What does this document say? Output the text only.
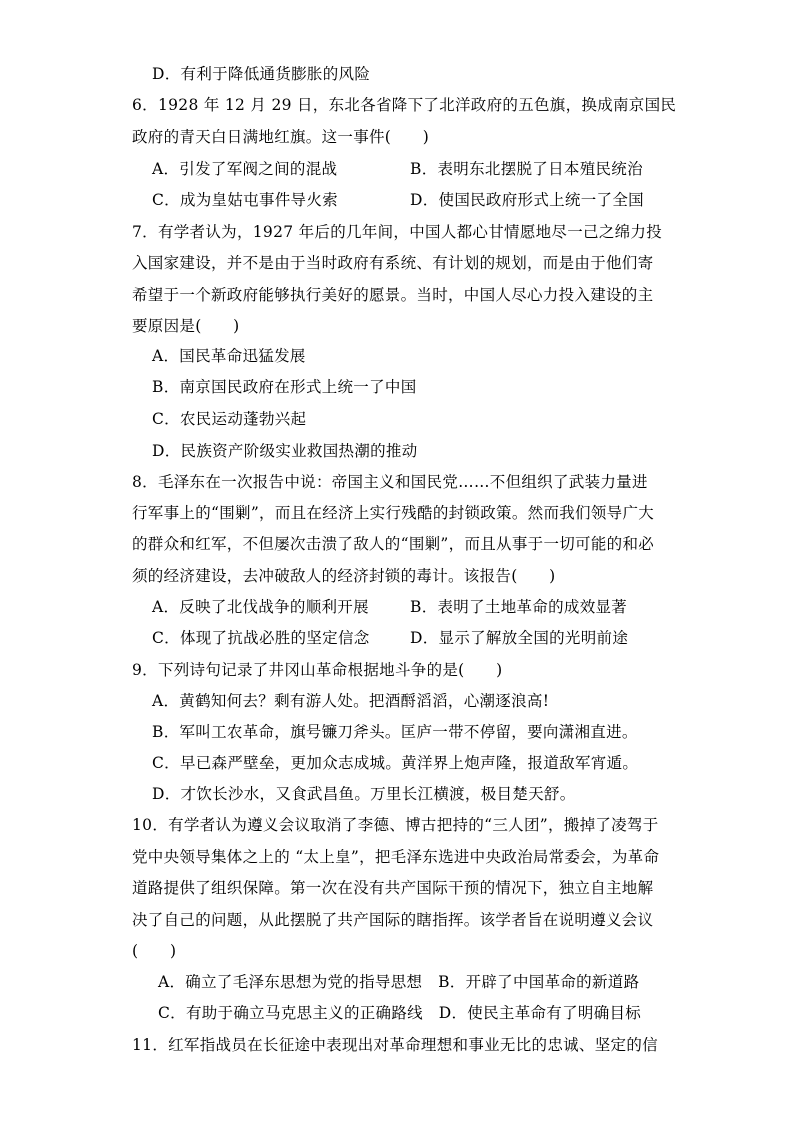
D．有利于降低通货膨胀的风险
6．1928 年 12 月 29 日，东北各省降下了北洋政府的五色旗，换成南京国民
政府的青天白日满地红旗。这一事件(　　)
A．引发了军阀之间的混战	B．表明东北摆脱了日本殖民统治
C．成为皇姑屯事件导火索	D．使国民政府形式上统一了全国
7．有学者认为，1927 年后的几年间，中国人都心甘情愿地尽一己之绵力投
入国家建设，并不是由于当时政府有系统、有计划的规划，而是由于他们寄
希望于一个新政府能够执行美好的愿景。当时，中国人尽心力投入建设的主
要原因是(　　)
A．国民革命迅猛发展
B．南京国民政府在形式上统一了中国
C．农民运动蓬勃兴起
D．民族资产阶级实业救国热潮的推动
8．毛泽东在一次报告中说：帝国主义和国民党……不但组织了武装力量进
行军事上的“围剿”，而且在经济上实行残酷的封锁政策。然而我们领导广大
的群众和红军，不但屡次击溃了敌人的“围剿”，而且从事于一切可能的和必
须的经济建设，去冲破敌人的经济封锁的毒计。该报告(　　)
A．反映了北伐战争的顺利开展	B．表明了土地革命的成效显著
C．体现了抗战必胜的坚定信念	D．显示了解放全国的光明前途
9．下列诗句记录了井冈山革命根据地斗争的是(　　)
A．黄鹤知何去？剩有游人处。把酒酹滔滔，心潮逐浪高!
B．军叫工农革命，旗号镰刀斧头。匡庐一带不停留，要向潇湘直进。
C．早已森严壁垒，更加众志成城。黄洋界上炮声隆，报道敌军宵遁。
D．才饮长沙水，又食武昌鱼。万里长江横渡，极目楚天舒。
10．有学者认为遵义会议取消了李德、博古把持的“三人团”，搬掉了凌驾于
党中央领导集体之上的 “太上皇”，把毛泽东选进中央政治局常委会，为革命
道路提供了组织保障。第一次在没有共产国际干预的情况下，独立自主地解
决了自己的问题，从此摆脱了共产国际的瞎指挥。该学者旨在说明遵义会议
(　　)
A．确立了毛泽东思想为党的指导思想　B．开辟了中国革命的新道路
C．有助于确立马克思主义的正确路线　D．使民主革命有了明确目标
11．红军指战员在长征途中表现出对革命理想和事业无比的忠诚、坚定的信
